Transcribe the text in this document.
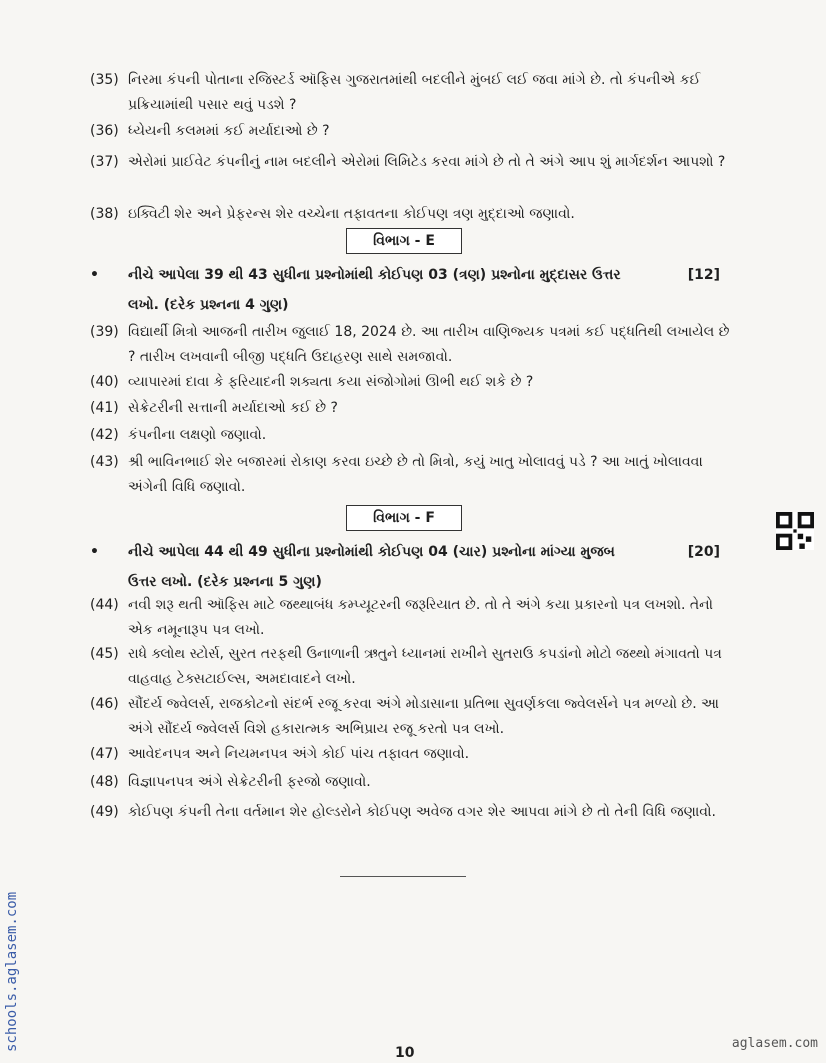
(35) નિરમા કંપની પોતાના રજિસ્ટર્ડ ઑફિસ ગુજરાતમાંથી બદલીને મુંબઈ લઈ જવા માંગે છે. તો કંપનીએ કઈ પ્રક્રિયામાંથી પસાર થવું પડશે ?
(36) ધ્યેયની કલમમાં કઈ મર્યાદાઓ છે ?
(37) એરોમાં પ્રાઈવેટ કંપનીનું નામ બદલીને એરોમાં લિમિટેડ કરવા માંગે છે તો તે અંગે આપ શું માર્ગદર્શન આપશો ?
(38) ઇક્વિટી શેર અને પ્રેફરન્સ શેર વચ્ચેના તફાવતના કોઈપણ ત્રણ મુદ્દાઓ જણાવો.
વિભાગ - E
• નીચે આપેલા 39 થી 43 સુધીના પ્રશ્નોમાંથી કોઈપણ 03 (ત્રણ) પ્રશ્નોના મુદ્દાસર ઉત્તર લખો. (દરેક પ્રશ્નના 4 ગુણ)
[12]
(39) વિદ્યાર્થી મિત્રો આજની તારીખ જુલાઈ 18, 2024 છે. આ તારીખ વાણિજ્યક પત્રમાં કઈ પદ્ધતિથી લખાયેલ છે ? તારીખ લખવાની બીજી પદ્ધતિ ઉદાહરણ સાથે સમજાવો.
(40) વ્યાપારમાં દાવા કે ફરિયાદની શક્યતા કયા સંજોગોમાં ઊભી થઈ શકે છે ?
(41) સેક્રેટરીની સત્તાની મર્યાદાઓ કઈ છે ?
(42) કંપનીના લક્ષણો જણાવો.
(43) શ્રી ભાવિનભાઈ શેર બજારમાં રોકાણ કરવા ઇચ્છે છે તો મિત્રો, કયું ખાતુ ખોલાવવું પડે ? આ ખાતું ખોલાવવા અંગેની વિધિ જણાવો.
વિભાગ - F
• નીચે આપેલા 44 થી 49 સુધીના પ્રશ્નોમાંથી કોઈપણ 04 (ચાર) પ્રશ્નોના માંગ્યા મુજબ ઉત્તર લખો. (દરેક પ્રશ્નના 5 ગુણ)
[20]
(44) નવી શરૂ થતી ઑફિસ માટે જથ્થાબંધ કમ્પ્યૂટરની જરૂરિયાત છે. તો તે અંગે કયા પ્રકારનો પત્ર લખશો. તેનો એક નમૂનારૂપ પત્ર લખો.
(45) રાધે ક્લોથ સ્ટોર્સ, સુરત તરફથી ઉનાળાની ઋતુને ધ્યાનમાં રાખીને સુતરાઉ કપડાંનો મોટો જથ્થો મંગાવતો પત્ર વાહવાહ ટેક્સટાઈલ્સ, અમદાવાદને લખો.
(46) સૌંદર્ય જ્વેલર્સ, રાજકોટનો સંદર્ભ રજૂ કરવા અંગે મોડાસાના પ્રતિભા સુવર્ણકલા જ્વેલર્સને પત્ર મળ્યો છે. આ અંગે સૌંદર્ય જ્વેલર્સ વિશે હકારાત્મક અભિપ્રાય રજૂ કરતો પત્ર લખો.
(47) આવેદનપત્ર અને નિયમનપત્ર અંગે કોઈ પાંચ તફાવત જણાવો.
(48) વિજ્ઞાપનપત્ર અંગે સેક્રેટરીની ફરજો જણાવો.
(49) કોઈપણ કંપની તેના વર્તમાન શેર હોલ્ડરોને કોઈપણ અવેજ વગર શેર આપવા માંગે છે તો તેની વિધિ જણાવો.
schools.aglasem.com
10
aglasem.com
